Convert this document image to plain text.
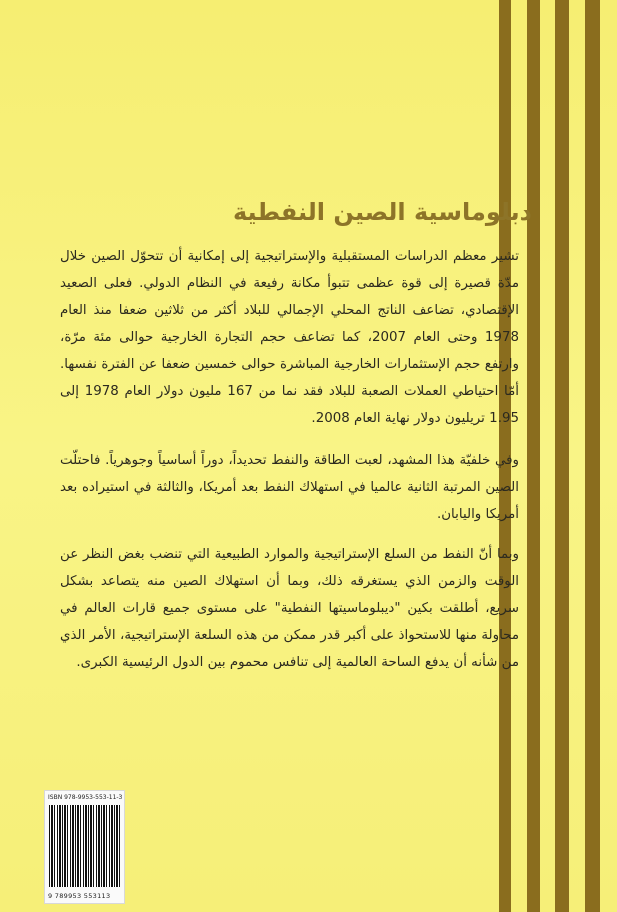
دبلوماسية الصين النفطية
تشير معظم الدراسات المستقبلية والإستراتيجية إلى إمكانية أن تتحوّل الصين خلال مدّة قصيرة إلى قوة عظمى تتبوأ مكانة رفيعة في النظام الدولي. فعلى الصعيد الإقتصادي، تضاعف الناتج المحلي الإجمالي للبلاد أكثر من ثلاثين ضعفا منذ العام 1978 وحتى العام 2007، كما تضاعف حجم التجارة الخارجية حوالى مئة مرّة، وارتفع حجم الإستثمارات الخارجية المباشرة حوالى خمسين ضعفا عن الفترة نفسها. أمّا احتياطي العملات الصعبة للبلاد فقد نما من 167 مليون دولار العام 1978 إلى 1.95 تريليون دولار نهاية العام 2008.
وفي خلفيّة هذا المشهد، لعبت الطاقة والنفط تحديداً، دوراً أساسياً وجوهرياً. فاحتلّت الصين المرتبة الثانية عالميا في استهلاك النفط بعد أمريكا، والثالثة في استيراده بعد أمريكا واليابان.
وبما أنّ النفط من السلع الإستراتيجية والموارد الطبيعية التي تنضب بغض النظر عن الوقت والزمن الذي يستغرقه ذلك، وبما أن استهلاك الصين منه يتصاعد بشكل سريع، أطلقت بكين "ديبلوماسيتها النفطية" على مستوى جميع قارات العالم في محاولة منها للاستحواذ على أكبر قدر ممكن من هذه السلعة الإستراتيجية، الأمر الذي من شأنه أن يدفع الساحة العالمية إلى تنافس محموم بين الدول الرئيسية الكبرى.
ISBN 978-9953-553-11-3
9 789953 553113
